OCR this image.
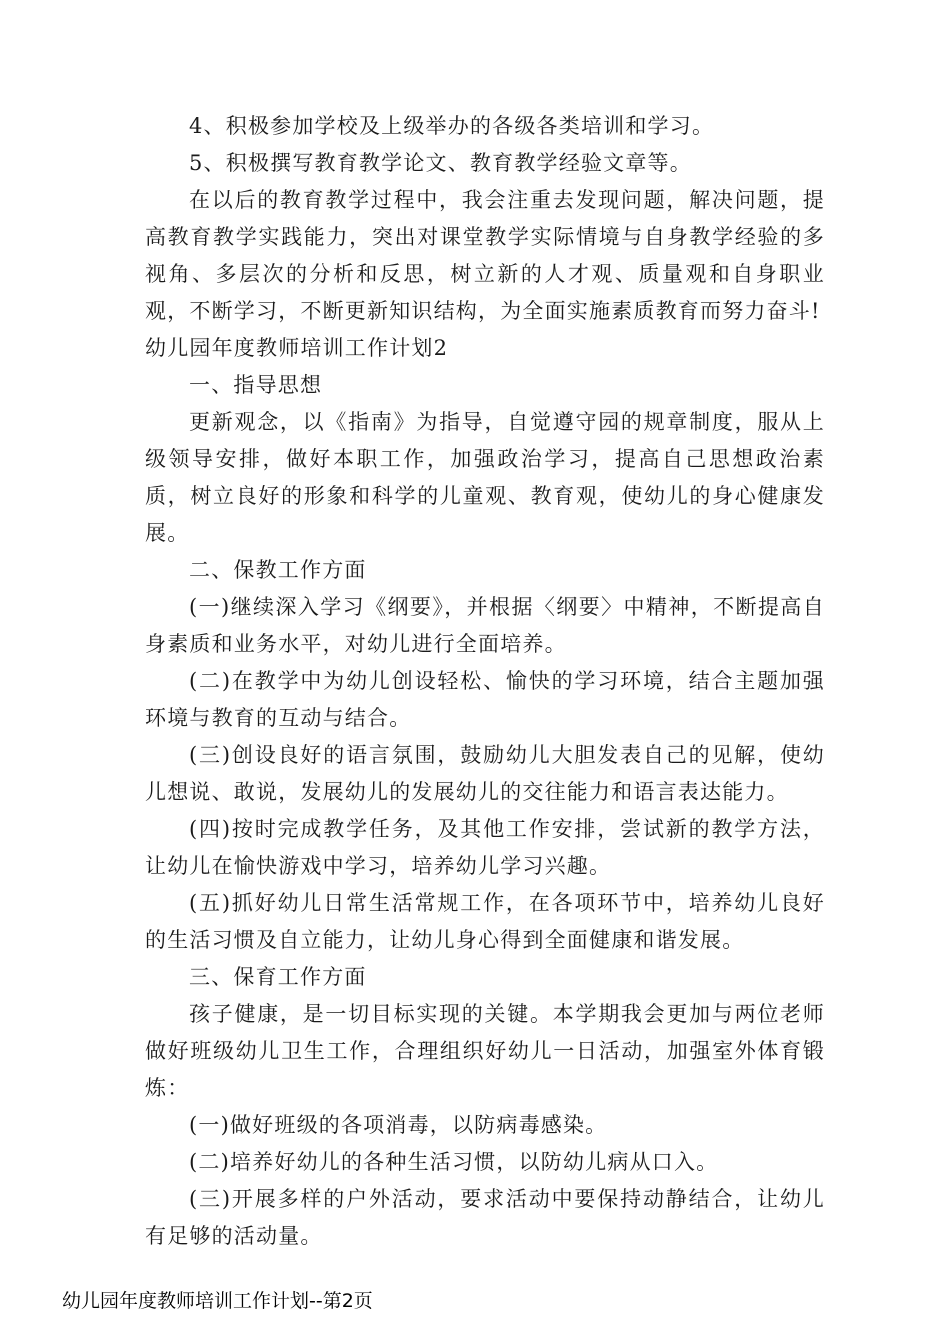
4、积极参加学校及上级举办的各级各类培训和学习。

5、积极撰写教育教学论文、教育教学经验文章等。

在以后的教育教学过程中，我会注重去发现问题，解决问题，提高教育教学实践能力，突出对课堂教学实际情境与自身教学经验的多视角、多层次的分析和反思，树立新的人才观、质量观和自身职业观，不断学习，不断更新知识结构，为全面实施素质教育而努力奋斗!

幼儿园年度教师培训工作计划2

一、指导思想

更新观念，以《指南》为指导，自觉遵守园的规章制度，服从上级领导安排，做好本职工作，加强政治学习，提高自己思想政治素质，树立良好的形象和科学的儿童观、教育观，使幼儿的身心健康发展。

二、保教工作方面

(一)继续深入学习《纲要》，并根据〈纲要〉中精神，不断提高自身素质和业务水平，对幼儿进行全面培养。

(二)在教学中为幼儿创设轻松、愉快的学习环境，结合主题加强环境与教育的互动与结合。

(三)创设良好的语言氛围，鼓励幼儿大胆发表自己的见解，使幼儿想说、敢说，发展幼儿的发展幼儿的交往能力和语言表达能力。

(四)按时完成教学任务，及其他工作安排，尝试新的教学方法，让幼儿在愉快游戏中学习，培养幼儿学习兴趣。

(五)抓好幼儿日常生活常规工作，在各项环节中，培养幼儿良好的生活习惯及自立能力，让幼儿身心得到全面健康和谐发展。

三、保育工作方面

孩子健康，是一切目标实现的关键。本学期我会更加与两位老师做好班级幼儿卫生工作，合理组织好幼儿一日活动，加强室外体育锻炼：

(一)做好班级的各项消毒，以防病毒感染。

(二)培养好幼儿的各种生活习惯，以防幼儿病从口入。

(三)开展多样的户外活动，要求活动中要保持动静结合，让幼儿有足够的活动量。

幼儿园年度教师培训工作计划--第2页
